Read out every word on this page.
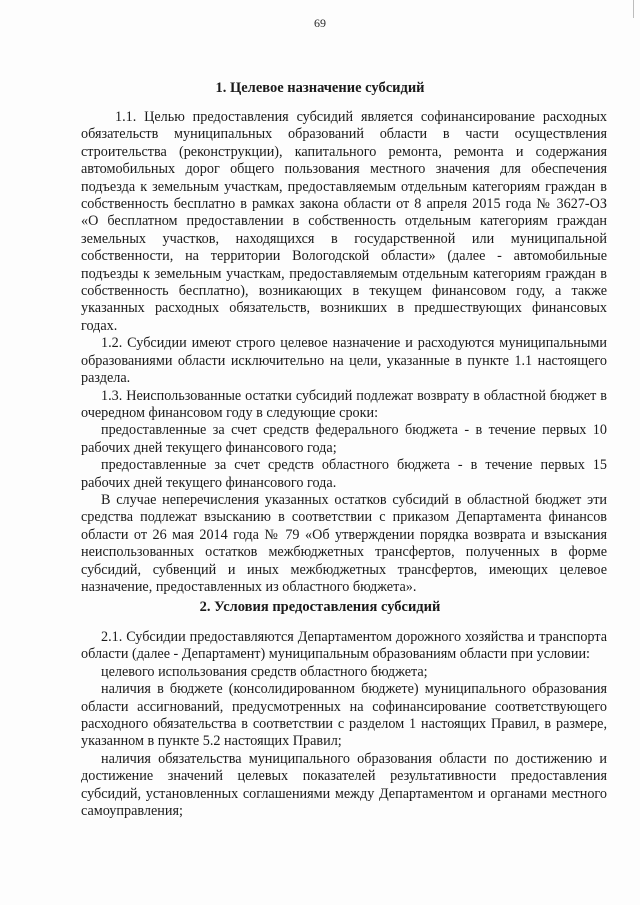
69
1. Целевое назначение субсидий

1.1. Целью предоставления субсидий является софинансирование расходных обязательств муниципальных образований области в части осуществления строительства (реконструкции), капитального ремонта, ремонта и содержания автомобильных дорог общего пользования местного значения для обеспечения подъезда к земельным участкам, предоставляемым отдельным категориям граждан в собственность бесплатно в рамках закона области от 8 апреля 2015 года № 3627-ОЗ «О бесплатном предоставлении в собственность отдельным категориям граждан земельных участков, находящихся в государственной или муниципальной собственности, на территории Вологодской области» (далее - автомобильные подъезды к земельным участкам, предоставляемым отдельным категориям граждан в собственность бесплатно), возникающих в текущем финансовом году, а также указанных расходных обязательств, возникших в предшествующих финансовых годах.

1.2. Субсидии имеют строго целевое назначение и расходуются муниципальными образованиями области исключительно на цели, указанные в пункте 1.1 настоящего раздела.

1.3. Неиспользованные остатки субсидий подлежат возврату в областной бюджет в очередном финансовом году в следующие сроки:

предоставленные за счет средств федерального бюджета - в течение первых 10 рабочих дней текущего финансового года;

предоставленные за счет средств областного бюджета - в течение первых 15 рабочих дней текущего финансового года.

В случае неперечисления указанных остатков субсидий в областной бюджет эти средства подлежат взысканию в соответствии с приказом Департамента финансов области от 26 мая 2014 года № 79 «Об утверждении порядка возврата и взыскания неиспользованных остатков межбюджетных трансфертов, полученных в форме субсидий, субвенций и иных межбюджетных трансфертов, имеющих целевое назначение, предоставленных из областного бюджета».

2. Условия предоставления субсидий

2.1. Субсидии предоставляются Департаментом дорожного хозяйства и транспорта области (далее - Департамент) муниципальным образованиям области при условии:

целевого использования средств областного бюджета;

наличия в бюджете (консолидированном бюджете) муниципального образования области ассигнований, предусмотренных на софинансирование соответствующего расходного обязательства в соответствии с разделом 1 настоящих Правил, в размере, указанном в пункте 5.2 настоящих Правил;

наличия обязательства муниципального образования области по достижению и достижение значений целевых показателей результативности предоставления субсидий, установленных соглашениями между Департаментом и органами местного самоуправления;
